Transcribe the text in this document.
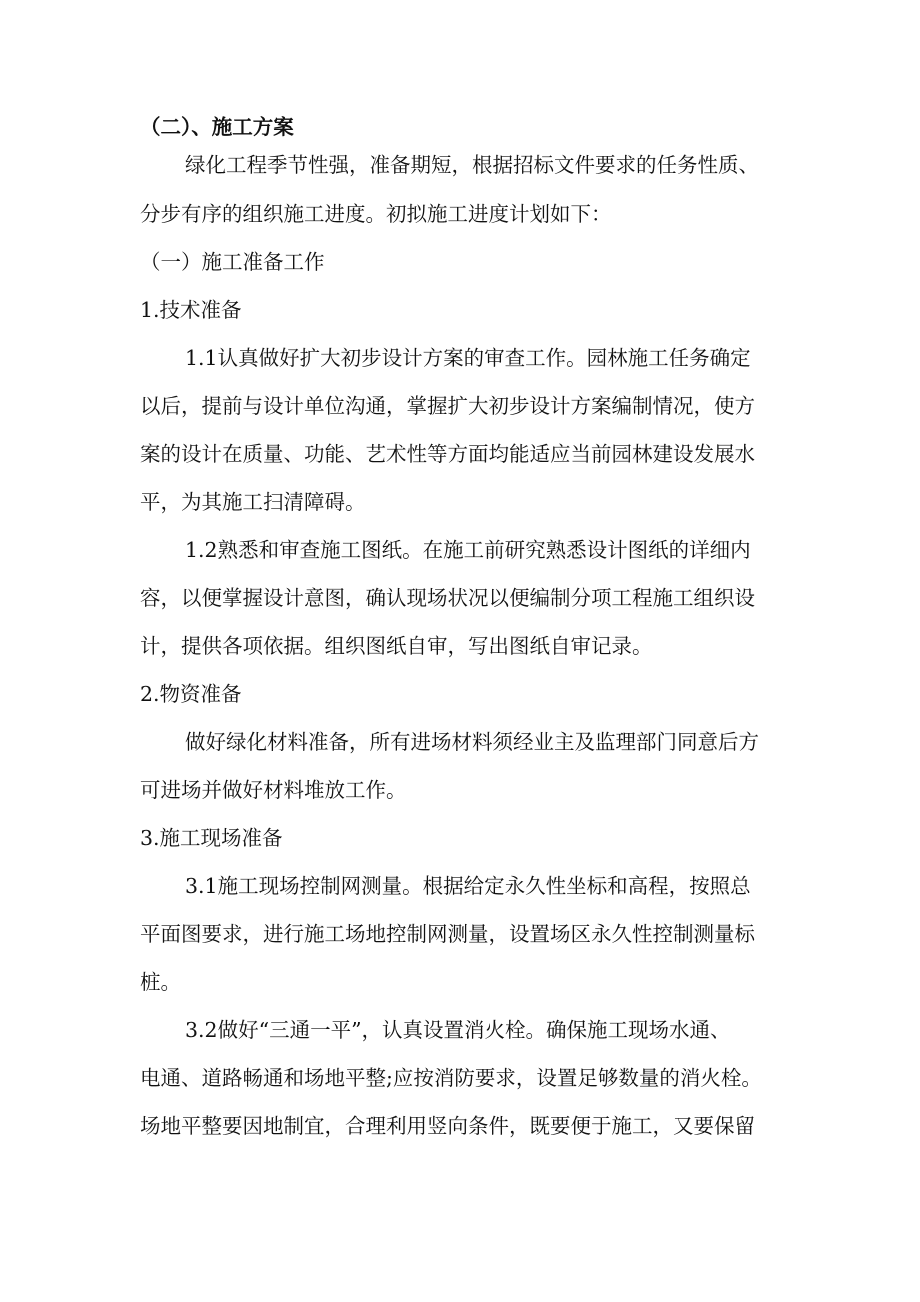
（二）、施工方案
绿化工程季节性强，准备期短，根据招标文件要求的任务性质、
分步有序的组织施工进度。初拟施工进度计划如下：
（一）施工准备工作
1.技术准备
1.1认真做好扩大初步设计方案的审查工作。园林施工任务确定
以后，提前与设计单位沟通，掌握扩大初步设计方案编制情况，使方
案的设计在质量、功能、艺术性等方面均能适应当前园林建设发展水
平，为其施工扫清障碍。
1.2熟悉和审查施工图纸。在施工前研究熟悉设计图纸的详细内
容，以便掌握设计意图，确认现场状况以便编制分项工程施工组织设
计，提供各项依据。组织图纸自审，写出图纸自审记录。
2.物资准备
做好绿化材料准备，所有进场材料须经业主及监理部门同意后方
可进场并做好材料堆放工作。
3.施工现场准备
3.1施工现场控制网测量。根据给定永久性坐标和高程，按照总
平面图要求，进行施工场地控制网测量，设置场区永久性控制测量标
桩。
3.2做好“三通一平”，认真设置消火栓。确保施工现场水通、
电通、道路畅通和场地平整;应按消防要求，设置足够数量的消火栓。
场地平整要因地制宜，合理利用竖向条件，既要便于施工，又要保留
